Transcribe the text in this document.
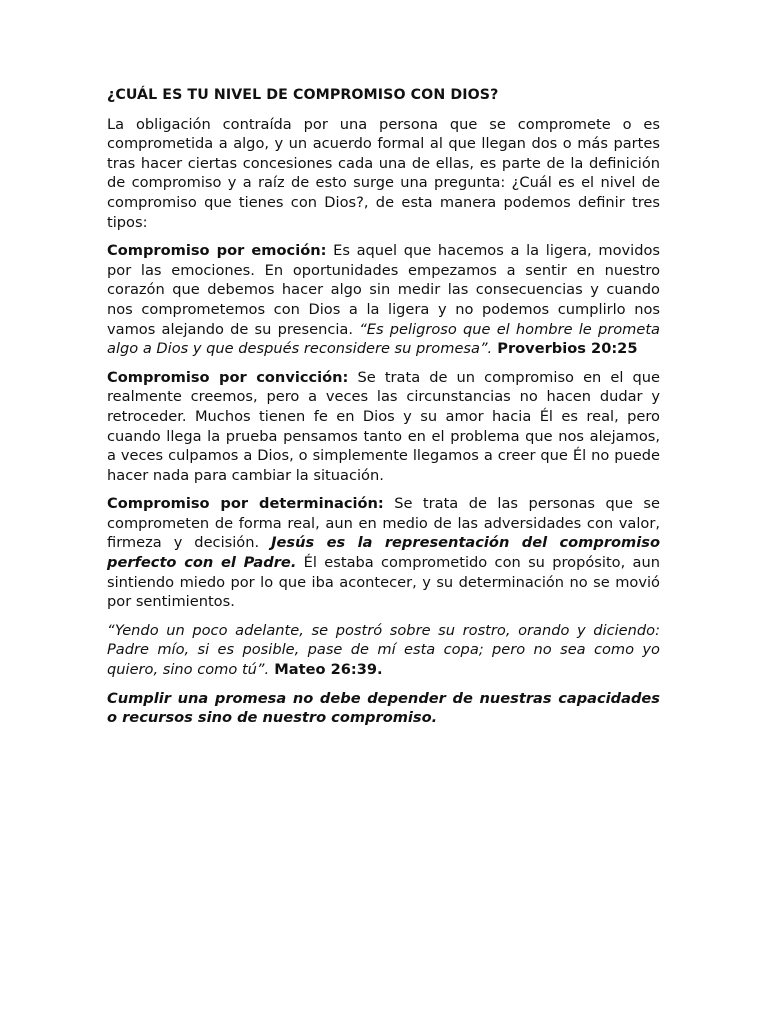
¿CUÁL ES TU NIVEL DE COMPROMISO CON DIOS?

La obligación contraída por una persona que se compromete o es comprometida a algo, y un acuerdo formal al que llegan dos o más partes tras hacer ciertas concesiones cada una de ellas, es parte de la definición de compromiso y a raíz de esto surge una pregunta: ¿Cuál es el nivel de compromiso que tienes con Dios?, de esta manera podemos definir tres tipos:

Compromiso por emoción: Es aquel que hacemos a la ligera, movidos por las emociones. En oportunidades empezamos a sentir en nuestro corazón que debemos hacer algo sin medir las consecuencias y cuando nos comprometemos con Dios a la ligera y no podemos cumplirlo nos vamos alejando de su presencia. “Es peligroso que el hombre le prometa algo a Dios y que después reconsidere su promesa”. Proverbios 20:25

Compromiso por convicción: Se trata de un compromiso en el que realmente creemos, pero a veces las circunstancias no hacen dudar y retroceder. Muchos tienen fe en Dios y su amor hacia Él es real, pero cuando llega la prueba pensamos tanto en el problema que nos alejamos, a veces culpamos a Dios, o simplemente llegamos a creer que Él no puede hacer nada para cambiar la situación.

Compromiso por determinación: Se trata de las personas que se comprometen de forma real, aun en medio de las adversidades con valor, firmeza y decisión. Jesús es la representación del compromiso perfecto con el Padre. Él estaba comprometido con su propósito, aun sintiendo miedo por lo que iba acontecer, y su determinación no se movió por sentimientos.

“Yendo un poco adelante, se postró sobre su rostro, orando y diciendo: Padre mío, si es posible, pase de mí esta copa; pero no sea como yo quiero, sino como tú”. Mateo 26:39.

Cumplir una promesa no debe depender de nuestras capacidades o recursos sino de nuestro compromiso.
